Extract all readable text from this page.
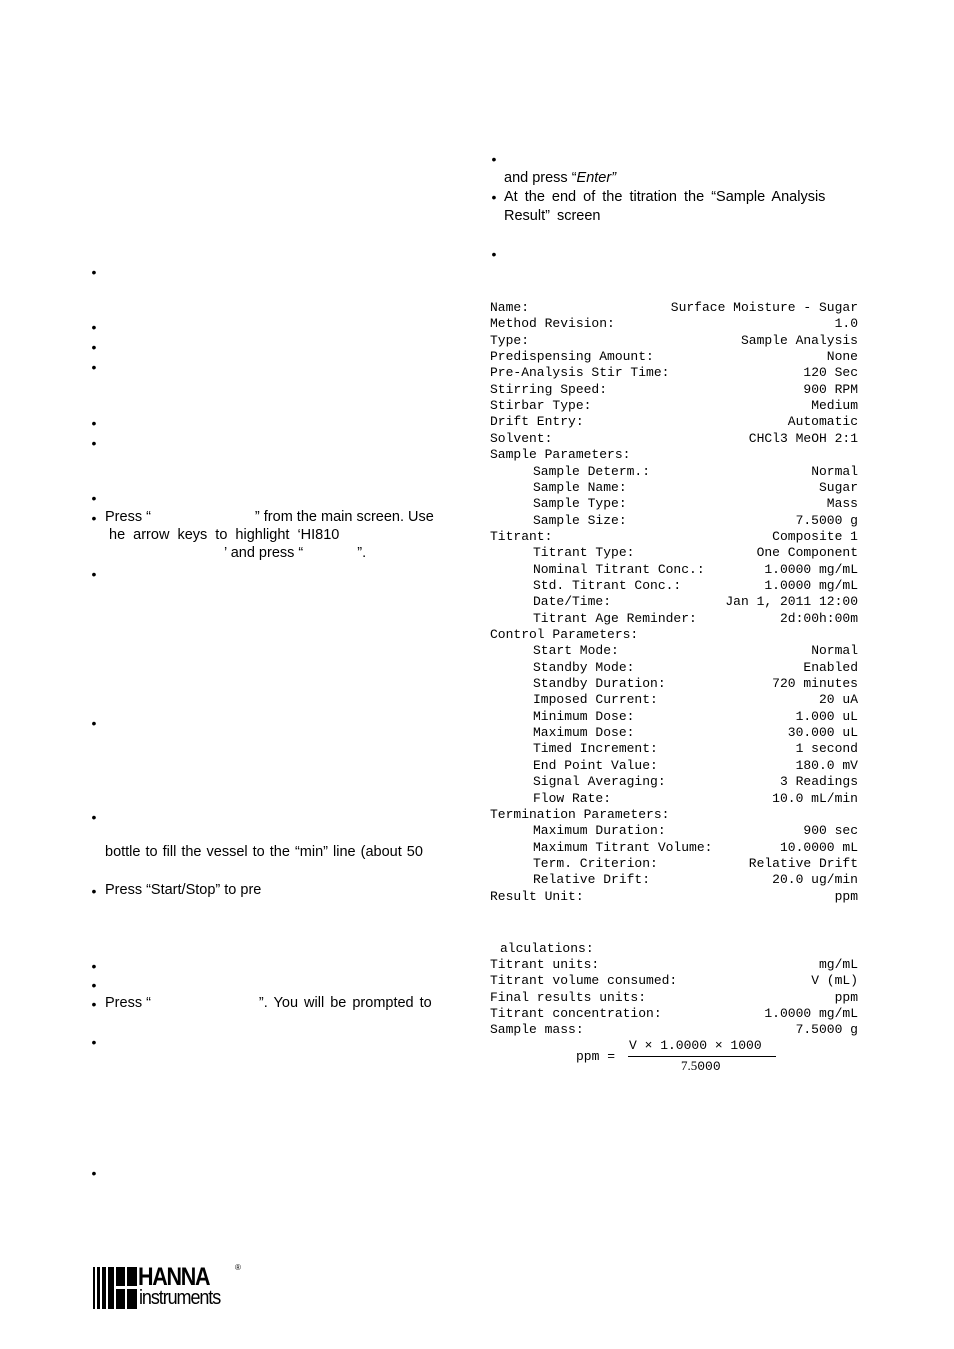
•
•
•
•
•
•
•
•
•
•
•
•
•
•
•
•
•
Press “	” from the main screen. Use
he arrow keys to highlight ‘HI810
’ and press “	”.
bottle to fill the vessel to the “min” line (about 50
Press “Start/Stop” to pre
Press “	”. You will be prompted to
•
and press “Enter”
• At the end of the titration the “Sample Analysis
Result” screen
•
Name:	Surface Moisture - Sugar
Method Revision:	1.0
Type:	Sample Analysis
Predispensing Amount:	None
Pre-Analysis Stir Time:	120 Sec
Stirring Speed:	900 RPM
Stirbar Type:	Medium
Drift Entry:	Automatic
Solvent:	CHCl3 MeOH 2:1
Sample Parameters:
Sample Determ.:	Normal
Sample Name:	Sugar
Sample Type:	Mass
Sample Size:	7.5000 g
Titrant:	Composite 1
Titrant Type:	One Component
Nominal Titrant Conc.:	1.0000 mg/mL
Std. Titrant Conc.:	1.0000 mg/mL
Date/Time:	Jan 1, 2011 12:00
Titrant Age Reminder:	2d:00h:00m
Control Parameters:
Start Mode:	Normal
Standby Mode:	Enabled
Standby Duration:	720 minutes
Imposed Current:	20 uA
Minimum Dose:	1.000 uL
Maximum Dose:	30.000 uL
Timed Increment:	1 second
End Point Value:	180.0 mV
Signal Averaging:	3 Readings
Flow Rate:	10.0 mL/min
Termination Parameters:
Maximum Duration:	900 sec
Maximum Titrant Volume:	10.0000 mL
Term. Criterion:	Relative Drift
Relative Drift:	20.0 ug/min
Result Unit:	ppm

alculations:

Titrant units:	mg/mL
Titrant volume consumed:	V (mL)
Final results units:	ppm
Titrant concentration:	1.0000 mg/mL
Sample mass:	7.5000 g
ppm =
V × 1.0000 × 1000
7.5000
HANNA	®
instruments
